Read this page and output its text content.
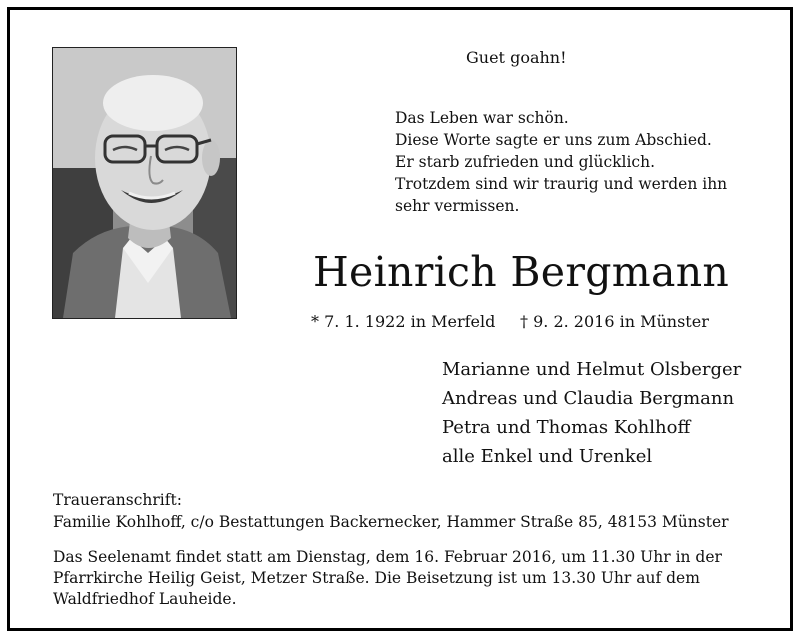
Guet goahn!
Das Leben war schön.
Diese Worte sagte er uns zum Abschied.
Er starb zufrieden und glücklich.
Trotzdem sind wir traurig und werden ihn
sehr vermissen.
Heinrich Bergmann
* 7. 1. 1922 in Merfeld † 9. 2. 2016 in Münster
Marianne und Helmut Olsberger
Andreas und Claudia Bergmann
Petra und Thomas Kohlhoff
alle Enkel und Urenkel
Traueranschrift:
Familie Kohlhoff, c/o Bestattungen Backernecker, Hammer Straße 85, 48153 Münster
Das Seelenamt findet statt am Dienstag, dem 16. Februar 2016, um 11.30 Uhr in der
Pfarrkirche Heilig Geist, Metzer Straße. Die Beisetzung ist um 13.30 Uhr auf dem
Waldfriedhof Lauheide.
